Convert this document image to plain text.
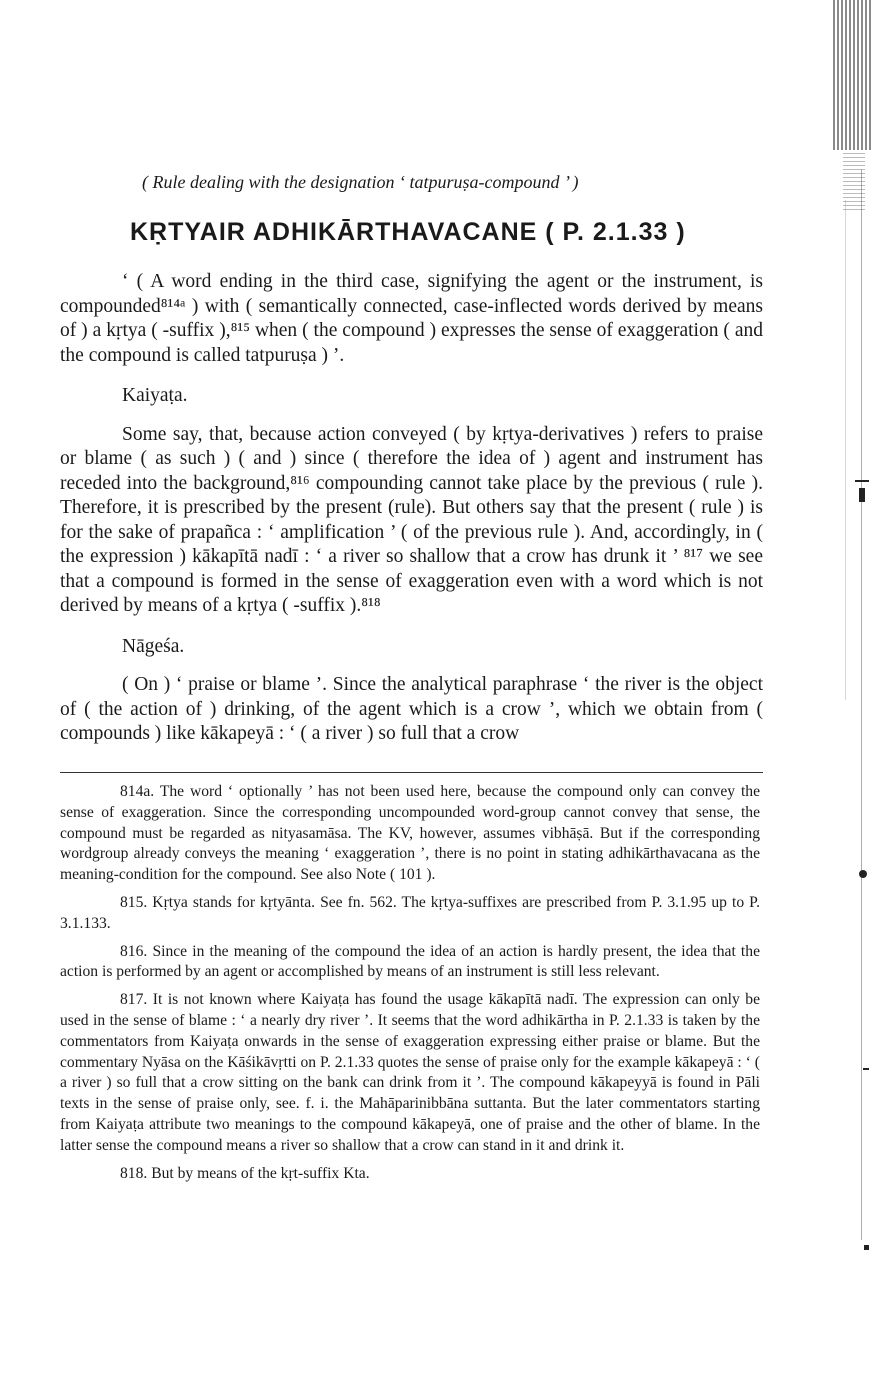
( Rule dealing with the designation ‘ tatpuruṣa-compound ’ )

KṚTYAIR ADHIKĀRTHAVACANE ( P. 2.1.33 )

‘ ( A word ending in the third case, signifying the agent or the instrument, is compounded⁸¹⁴ᵃ ) with ( semantically connected, case-inflected words derived by means of ) a kṛtya ( -suffix ),⁸¹⁵ when ( the compound ) expresses the sense of exaggeration ( and the compound is called tatpuruṣa ) ’.

Kaiyaṭa.

Some say, that, because action conveyed ( by kṛtya-derivatives ) refers to praise or blame ( as such ) ( and ) since ( therefore the idea of ) agent and instrument has receded into the background,⁸¹⁶ compounding cannot take place by the previous ( rule ). Therefore, it is prescribed by the present (rule). But others say that the present ( rule ) is for the sake of prapañca : ‘ amplification ’ ( of the previous rule ). And, accordingly, in ( the expression ) kākapītā nadī : ‘ a river so shallow that a crow has drunk it ’ ⁸¹⁷ we see that a compound is formed in the sense of exaggeration even with a word which is not derived by means of a kṛtya ( -suffix ).⁸¹⁸

Nāgeśa.

( On ) ‘ praise or blame ’. Since the analytical paraphrase ‘ the river is the object of ( the action of ) drinking, of the agent which is a crow ’, which we obtain from ( compounds ) like kākapeyā : ‘ ( a river ) so full that a crow

814a. The word ‘ optionally ’ has not been used here, because the compound only can convey the sense of exaggeration. Since the corresponding uncompounded word-group cannot convey that sense, the compound must be regarded as nityasamāsa. The KV, however, assumes vibhāṣā. But if the corresponding wordgroup already conveys the meaning ‘ exaggeration ’, there is no point in stating adhikārthavacana as the meaning-condition for the compound. See also Note ( 101 ).

815. Kṛtya stands for kṛtyānta. See fn. 562. The kṛtya-suffixes are prescribed from P. 3.1.95 up to P. 3.1.133.

816. Since in the meaning of the compound the idea of an action is hardly present, the idea that the action is performed by an agent or accomplished by means of an instrument is still less relevant.

817. It is not known where Kaiyaṭa has found the usage kākapītā nadī. The expression can only be used in the sense of blame : ‘ a nearly dry river ’. It seems that the word adhikārtha in P. 2.1.33 is taken by the commentators from Kaiyaṭa onwards in the sense of exaggeration expressing either praise or blame. But the commentary Nyāsa on the Kāśikāvṛtti on P. 2.1.33 quotes the sense of praise only for the example kākapeyā : ‘ ( a river ) so full that a crow sitting on the bank can drink from it ’. The compound kākapeyyā is found in Pāli texts in the sense of praise only, see. f. i. the Mahāparinibbāna suttanta. But the later commentators starting from Kaiyaṭa attribute two meanings to the compound kākapeyā, one of praise and the other of blame. In the latter sense the compound means a river so shallow that a crow can stand in it and drink it.

818. But by means of the kṛt-suffix Kta.
